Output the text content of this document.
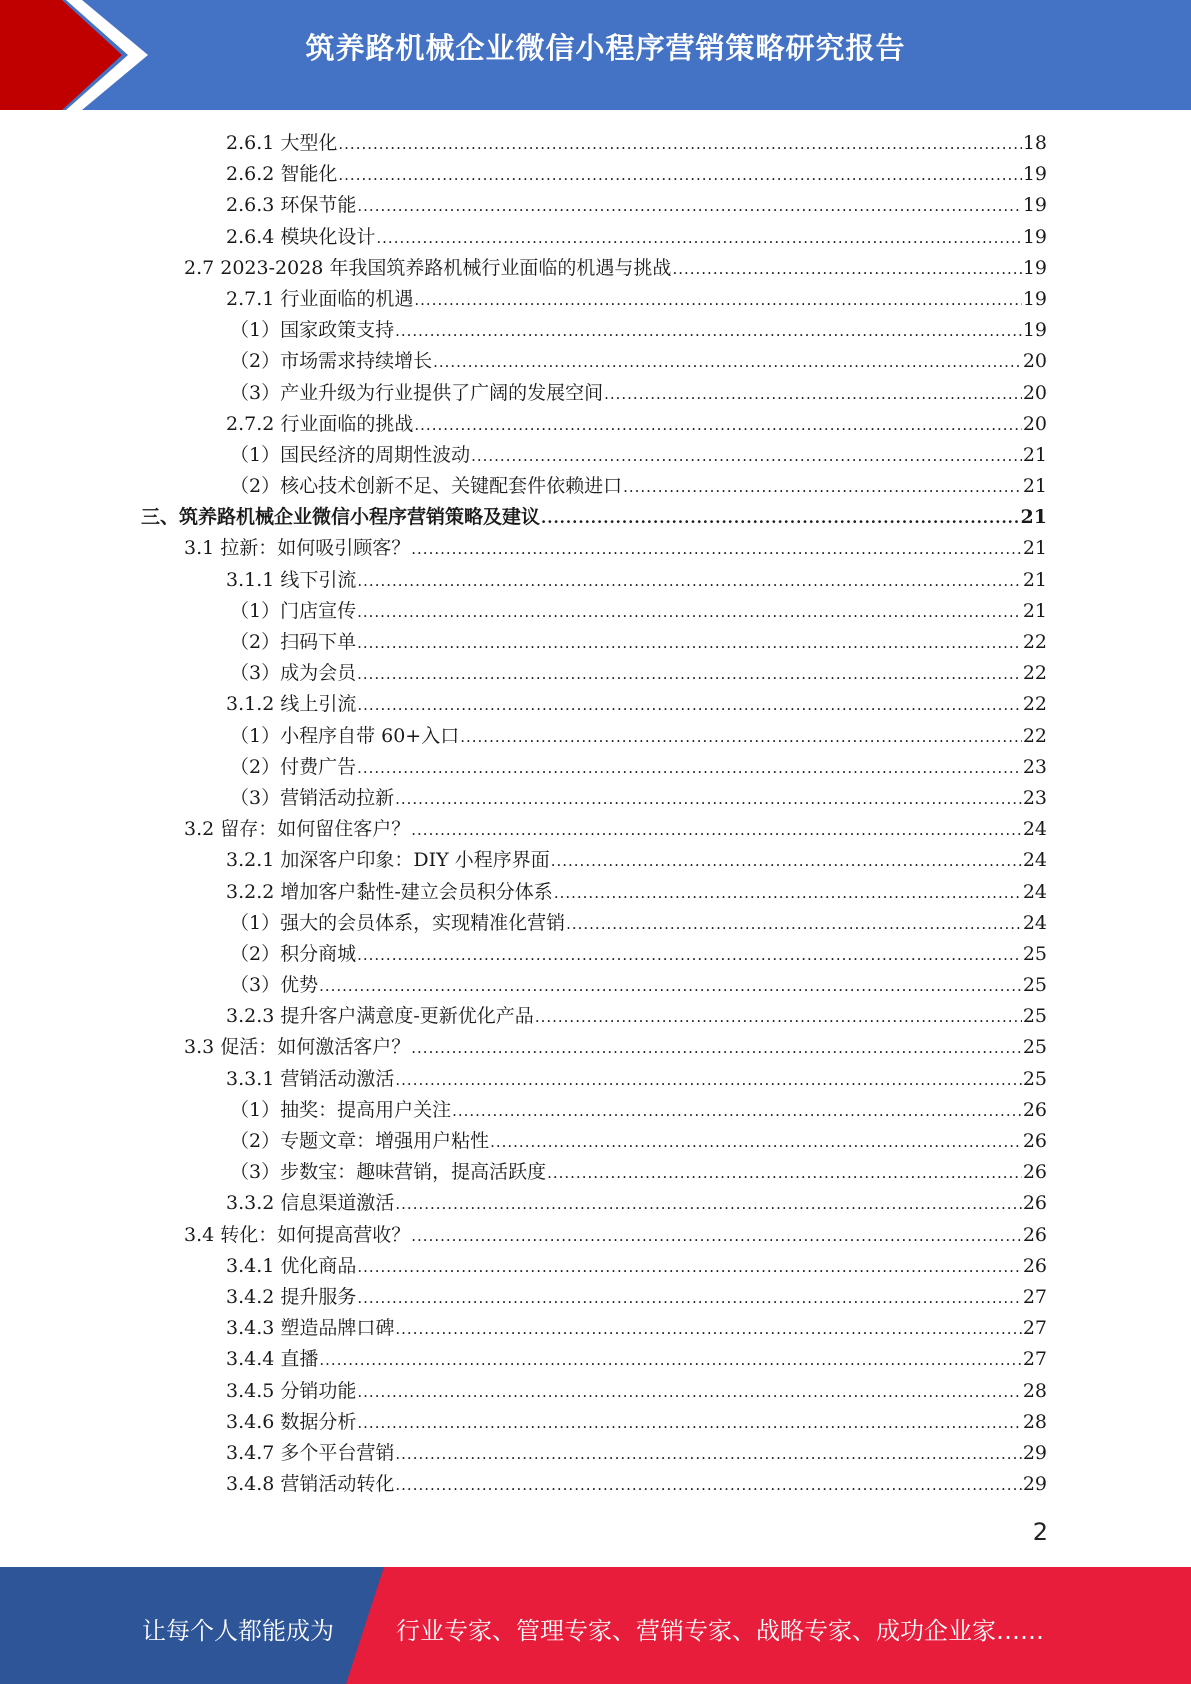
筑养路机械企业微信小程序营销策略研究报告
2.6.1 大型化 .....	18
2.6.2 智能化 .....	19
2.6.3 环保节能 .....	19
2.6.4 模块化设计 .....	19
2.7 2023-2028 年我国筑养路机械行业面临的机遇与挑战 .....	19
2.7.1 行业面临的机遇 .....	19
（1）国家政策支持 .....	19
（2）市场需求持续增长 .....	20
（3）产业升级为行业提供了广阔的发展空间 .....	20
2.7.2 行业面临的挑战 .....	20
（1）国民经济的周期性波动 .....	21
（2）核心技术创新不足、关键配套件依赖进口 .....	21
三、筑养路机械企业微信小程序营销策略及建议 .....	21
3.1 拉新：如何吸引顾客？ .....	21
3.1.1 线下引流 .....	21
（1）门店宣传 .....	21
（2）扫码下单 .....	22
（3）成为会员 .....	22
3.1.2 线上引流 .....	22
（1）小程序自带 60+入口 .....	22
（2）付费广告 .....	23
（3）营销活动拉新 .....	23
3.2 留存：如何留住客户？ .....	24
3.2.1 加深客户印象：DIY 小程序界面 .....	24
3.2.2 增加客户黏性-建立会员积分体系 .....	24
（1）强大的会员体系，实现精准化营销 .....	24
（2）积分商城 .....	25
（3）优势 .....	25
3.2.3 提升客户满意度-更新优化产品 .....	25
3.3 促活：如何激活客户？ .....	25
3.3.1 营销活动激活 .....	25
（1）抽奖：提高用户关注 .....	26
（2）专题文章：增强用户粘性 .....	26
（3）步数宝：趣味营销，提高活跃度 .....	26
3.3.2 信息渠道激活 .....	26
3.4 转化：如何提高营收？ .....	26
3.4.1 优化商品 .....	26
3.4.2 提升服务 .....	27
3.4.3 塑造品牌口碑 .....	27
3.4.4 直播 .....	27
3.4.5 分销功能 .....	28
3.4.6 数据分析 .....	28
3.4.7 多个平台营销 .....	29
3.4.8 营销活动转化 .....	29
2
让每个人都能成为	行业专家、管理专家、营销专家、战略专家、成功企业家……
